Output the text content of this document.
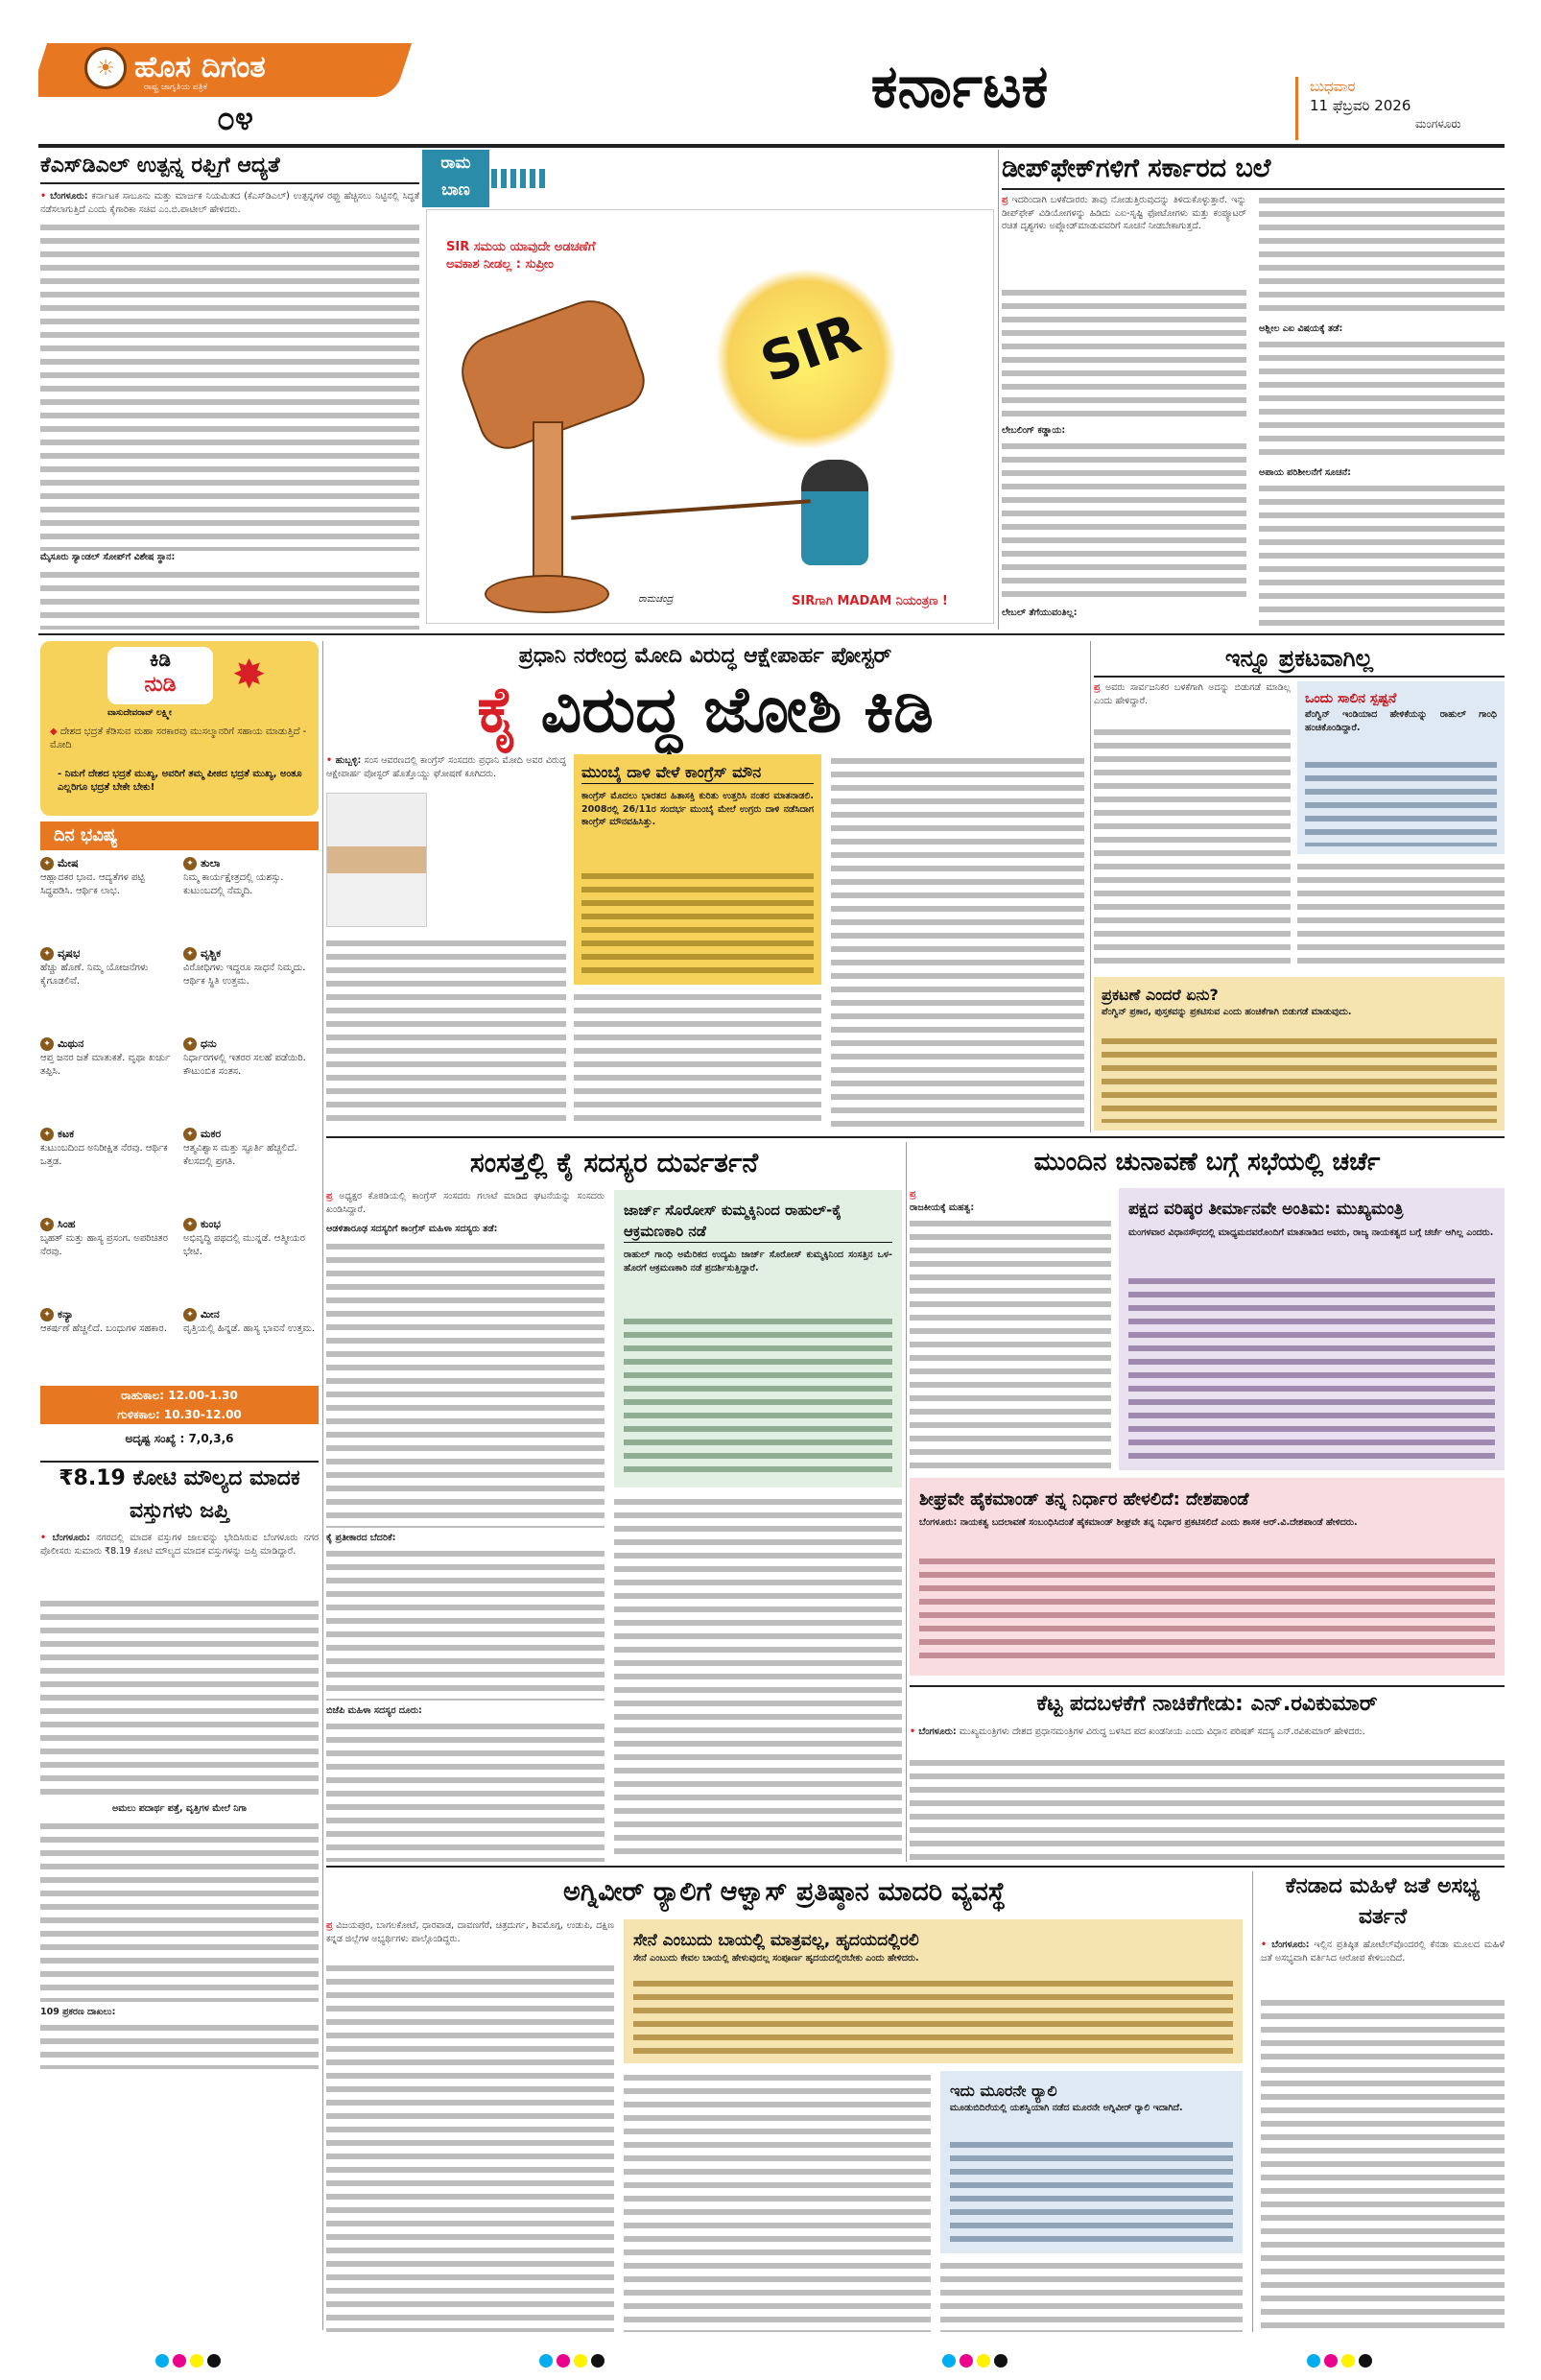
☀ ಹೊಸ ದಿಗಂತ
ರಾಷ್ಟ್ರ ಜಾಗೃತಿಯ ಪತ್ರಿಕೆ
೦೪	ಕರ್ನಾಟಕ	ಬುಧವಾರ
11 ಫೆಬ್ರವರಿ 2026
ಮಂಗಳೂರು
ಕೆಎಸ್‌ಡಿಎಲ್ ಉತ್ಪನ್ನ ರಫ್ತಿಗೆ ಆದ್ಯತೆ
• ಬೆಂಗಳೂರು: ಕರ್ನಾಟಕ ಸಾಬೂನು ಮತ್ತು ಮಾರ್ಜಕ ನಿಯಮಿತದ (ಕೆಎಸ್‌ಡಿಎಲ್) ಉತ್ಪನ್ನಗಳ ರಫ್ತು ಹೆಚ್ಚಿಸಲು ನಿಟ್ಟಿನಲ್ಲಿ ಸಿದ್ಧತೆ ನಡೆಸಲಾಗುತ್ತಿದೆ ಎಂದು ಕೈಗಾರಿಕಾ ಸಚಿವ ಎಂ.ಬಿ.ಪಾಟೀಲ್ ಹೇಳಿದರು.
ಮೈಸೂರು ಸ್ಯಾಂಡಲ್ ಸೋಪ್‌ಗೆ ವಿಶೇಷ ಸ್ಥಾನ:
ರಾಮ
ಬಾಣ
SIR ಸಮಯ ಯಾವುದೇ ಅಡಚಣೆಗೆ ಅವಕಾಶ ನೀಡಲ್ಲ : ಸುಪ್ರೀಂ
SIR
ರಾಮಚಂದ್ರ	SIRಗಾಗಿ MADAM ನಿಯಂತ್ರಣ !
ಡೀಪ್‌ಫೇಕ್‌ಗಳಿಗೆ ಸರ್ಕಾರದ ಬಲೆ
ಪ್ರ ಇದರಿಂದಾಗಿ ಬಳಕೆದಾರರು ತಾವು ನೋಡುತ್ತಿರುವುದನ್ನು ತಿಳಿದುಕೊಳ್ಳುತ್ತಾರೆ. ಇನ್ನು ಡೀಪ್‌ಫೇಕ್ ವಿಡಿಯೋಗಳನ್ನು ಹಿಡಿದು ಎಐ-ಸೃಷ್ಟಿ ಫೋಟೋಗಳು ಮತ್ತು ಕಂಪ್ಯೂಟರ್ ರಚಿತ ದೃಶ್ಯಗಳು ಅಪ್ಲೋಡ್‌ಮಾಡುವವರಿಗೆ ಸೂಚನೆ ನೀಡಬೇಕಾಗುತ್ತದೆ.
ಲೇಬಲಿಂಗ್ ಕಡ್ಡಾಯ:
ಲೇಬಲ್ ತೆಗೆಯುವಂತಿಲ್ಲ:
ಅಶ್ಲೀಲ ಎಐ ವಿಷಯಕ್ಕೆ ತಡೆ:
ಅಪಾಯ ಪರಿಶೀಲನೆಗೆ ಸೂಚನೆ:
ಕಿಡಿ
ನುಡಿ	✸
ವಾಸುದೇವರಾವ್ ಲಕ್ಷ್ಮೀ
◆ ದೇಶದ ಭದ್ರತೆ ಕೆಡಿಸುವ ಮಹಾ ಸರಕಾರವು ಮುಸಲ್ಮಾನರಿಗೆ ಸಹಾಯ ಮಾಡುತ್ತಿದೆ - ಮೋದಿ
- ನಿಮಗೆ ದೇಶದ ಭದ್ರತೆ ಮುಖ್ಯ, ಅವರಿಗೆ ತಮ್ಮ ಪೀಠದ ಭದ್ರತೆ ಮುಖ್ಯ, ಅಂತೂ ಎಲ್ಲರಿಗೂ ಭದ್ರತೆ ಬೇಕೇ ಬೇಕು!
ದಿನ ಭವಿಷ್ಯ
✦ ಮೇಷ
ಆಹ್ಲಾದಕರ ಭಾವ. ಆದ್ಯತೆಗಳ ಪಟ್ಟಿ ಸಿದ್ಧಪಡಿಸಿ. ಆರ್ಥಿಕ ಲಾಭ.
✦ ತುಲಾ
ನಿಮ್ಮ ಕಾರ್ಯಕ್ಷೇತ್ರದಲ್ಲಿ ಯಶಸ್ಸು. ಕುಟುಂಬದಲ್ಲಿ ನೆಮ್ಮದಿ.
✦ ವೃಷಭ
ಹೆಚ್ಚು ಹೊಣೆ. ನಿಮ್ಮ ಯೋಜನೆಗಳು ಕೈಗೂಡಲಿವೆ.
✦ ವೃಶ್ಚಿಕ
ವಿರೋಧಿಗಳು ಇದ್ದರೂ ಸಾಧನೆ ನಿಮ್ಮದು. ಆರ್ಥಿಕ ಸ್ಥಿತಿ ಉತ್ತಮ.
✦ ಮಿಥುನ
ಆಪ್ತ ಜನರ ಜತೆ ಮಾತುಕತೆ. ವೃಥಾ ಖರ್ಚು ತಪ್ಪಿಸಿ.
✦ ಧನು
ನಿರ್ಧಾರಗಳಲ್ಲಿ ಇತರರ ಸಲಹೆ ಪಡೆಯಿರಿ. ಕೌಟುಂಬಿಕ ಸಂತಸ.
✦ ಕಟಕ
ಕುಟುಂಬದಿಂದ ಅನಿರೀಕ್ಷಿತ ನೆರವು. ಆರ್ಥಿಕ ಒತ್ತಡ.
✦ ಮಕರ
ಆತ್ಮವಿಶ್ವಾಸ ಮತ್ತು ಸ್ಫೂರ್ತಿ ಹೆಚ್ಚಲಿದೆ. ಕೆಲಸದಲ್ಲಿ ಪ್ರಗತಿ.
✦ ಸಿಂಹ
ಬೃಹತ್ ಮತ್ತು ಹಾಸ್ಯ ಪ್ರಸಂಗ. ಅಪರಿಚಿತರ ನೆರವು.
✦ ಕುಂಭ
ಅಭಿವೃದ್ಧಿ ಪಥದಲ್ಲಿ ಮುನ್ನಡೆ. ಆತ್ಮೀಯರ ಭೇಟಿ.
✦ ಕನ್ಯಾ
ಆಕರ್ಷಣೆ ಹೆಚ್ಚಲಿದೆ. ಬಂಧುಗಳ ಸಹಕಾರ.
✦ ಮೀನ
ವೃತ್ತಿಯಲ್ಲಿ ಹಿನ್ನಡೆ. ಹಾಸ್ಯ ಭಾವನೆ ಉತ್ತಮ.
ರಾಹುಕಾಲ: 12.00-1.30
ಗುಳಿಕಕಾಲ: 10.30-12.00
ಅದೃಷ್ಟ ಸಂಖ್ಯೆ : 7,0,3,6
₹8.19 ಕೋಟಿ ಮೌಲ್ಯದ ಮಾದಕ ವಸ್ತುಗಳು ಜಪ್ತಿ
• ಬೆಂಗಳೂರು: ನಗರದಲ್ಲಿ ಮಾದಕ ವಸ್ತುಗಳ ಜಾಲವನ್ನು ಭೇದಿಸಿರುವ ಬೆಂಗಳೂರು ನಗರ ಪೊಲೀಸರು ಸುಮಾರು ₹8.19 ಕೋಟಿ ಮೌಲ್ಯದ ಮಾದಕ ವಸ್ತುಗಳನ್ನು ಜಪ್ತಿ ಮಾಡಿದ್ದಾರೆ.
ಅಮಲು ಪದಾರ್ಥ ಪತ್ತೆ, ವೃತ್ತಿಗಳ ಮೇಲೆ ನಿಗಾ
109 ಪ್ರಕರಣ ದಾಖಲು:
ಪ್ರಧಾನಿ ನರೇಂದ್ರ ಮೋದಿ ವಿರುದ್ಧ ಆಕ್ಷೇಪಾರ್ಹ ಪೋಸ್ಟರ್
ಕೈ ವಿರುದ್ಧ ಜೋಶಿ ಕಿಡಿ
• ಹುಬ್ಬಳ್ಳಿ: ಸಂಸ ಆವರಣದಲ್ಲಿ ಕಾಂಗ್ರೆಸ್ ಸಂಸದರು ಪ್ರಧಾನಿ ಮೋದಿ ಅವರ ವಿರುದ್ಧ ಆಕ್ಷೇಪಾರ್ಹ ಪೋಸ್ಟರ್ ಹೊತ್ತೊಯ್ದು ಘೋಷಣೆ ಕೂಗಿದರು.	ಮುಂಬೈ ದಾಳಿ ವೇಳೆ ಕಾಂಗ್ರೆಸ್ ಮೌನ
ಕಾಂಗ್ರೆಸ್ ಮೊದಲು ಭಾರತದ ಹಿತಾಸಕ್ತಿ ಕುರಿತು ಉತ್ತರಿಸಿ ನಂತರ ಮಾತನಾಡಲಿ. 2008ರಲ್ಲಿ 26/11ರ ಸಂದರ್ಭ ಮುಂಬೈ ಮೇಲೆ ಉಗ್ರರು ದಾಳಿ ನಡೆಸಿದಾಗ ಕಾಂಗ್ರೆಸ್ ಮೌನವಹಿಸಿತ್ತು.
ಇನ್ನೂ ಪ್ರಕಟವಾಗಿಲ್ಲ
ಪ್ರ ಅವರು ಸಾರ್ವಜನಿಕರ ಬಳಕೆಗಾಗಿ ಅದನ್ನು ಬಿಡುಗಡೆ ಮಾಡಿಲ್ಲ ಎಂದು ಹೇಳಿದ್ದಾರೆ.	ಒಂದು ಸಾಲಿನ ಸ್ಪಷ್ಟನೆ
ಪೆಂಗ್ವಿನ್ ಇಂಡಿಯಾದ ಹೇಳಿಕೆಯನ್ನು ರಾಹುಲ್ ಗಾಂಧಿ ಹಂಚಿಕೊಂಡಿದ್ದಾರೆ.
ಪ್ರಕಟಣೆ ಎಂದರೆ ಏನು?
ಪೆಂಗ್ವಿನ್ ಪ್ರಕಾರ, ಪುಸ್ತಕವನ್ನು ಪ್ರಕಟಿಸುವ ಎಂದು ಹಂಚಿಕೆಗಾಗಿ ಬಿಡುಗಡೆ ಮಾಡುವುದು.
ಸಂಸತ್ತಲ್ಲಿ ಕೈ ಸದಸ್ಯರ ದುರ್ವರ್ತನೆ
ಪ್ರ ಅಧ್ಯಕ್ಷರ ಕೊಠಡಿಯಲ್ಲಿ ಕಾಂಗ್ರೆಸ್ ಸಂಸದರು ಗಲಾಟೆ ಮಾಡಿದ ಘಟನೆಯನ್ನು ಸಂಸದರು ಖಂಡಿಸಿದ್ದಾರೆ.
ಆಡಳಿತಾರೂಢ ಸದಸ್ಯರಿಗೆ ಕಾಂಗ್ರೆಸ್ ಮಹಿಳಾ ಸದಸ್ಯರು ತಡೆ:
ಕೈ ಪ್ರತೀಕಾರದ ಬೆದರಿಕೆ:
ಬಿಜೆಪಿ ಮಹಿಳಾ ಸದಸ್ಯರ ದೂರು:
ಜಾರ್ಜ್ ಸೊರೋಸ್ ಕುಮ್ಮಕ್ಕಿನಿಂದ ರಾಹುಲ್-ಕೈ ಆಕ್ರಮಣಕಾರಿ ನಡೆ
ರಾಹುಲ್ ಗಾಂಧಿ ಅಮೆರಿಕದ ಉದ್ಯಮಿ ಜಾರ್ಜ್ ಸೊರೋಸ್ ಕುಮ್ಮಕ್ಕಿನಿಂದ ಸಂಸತ್ತಿನ ಒಳ-ಹೊರಗೆ ಆಕ್ರಮಣಕಾರಿ ನಡೆ ಪ್ರದರ್ಶಿಸುತ್ತಿದ್ದಾರೆ.
ಮುಂದಿನ ಚುನಾವಣೆ ಬಗ್ಗೆ ಸಭೆಯಲ್ಲಿ ಚರ್ಚೆ
ಪ್ರ
ರಾಜಕೀಯಕ್ಕೆ ಮಹತ್ವ:	ಪಕ್ಷದ ವರಿಷ್ಠರ ತೀರ್ಮಾನವೇ ಅಂತಿಮ: ಮುಖ್ಯಮಂತ್ರಿ
ಮಂಗಳವಾರ ವಿಧಾನಸೌಧದಲ್ಲಿ ಮಾಧ್ಯಮದವರೊಂದಿಗೆ ಮಾತನಾಡಿದ ಅವರು, ರಾಜ್ಯ ನಾಯಕತ್ವದ ಬಗ್ಗೆ ಚರ್ಚೆ ಆಗಿಲ್ಲ ಎಂದರು.
ಶೀಘ್ರವೇ ಹೈಕಮಾಂಡ್ ತನ್ನ ನಿರ್ಧಾರ ಹೇಳಲಿದೆ: ದೇಶಪಾಂಡೆ
ಬೆಂಗಳೂರು: ನಾಯಕತ್ವ ಬದಲಾವಣೆ ಸಂಬಂಧಿಸಿದಂತೆ ಹೈಕಮಾಂಡ್ ಶೀಘ್ರವೇ ತನ್ನ ನಿರ್ಧಾರ ಪ್ರಕಟಿಸಲಿದೆ ಎಂದು ಶಾಸಕ ಆರ್.ವಿ.ದೇಶಪಾಂಡೆ ಹೇಳಿದರು.
ಕೆಟ್ಟ ಪದಬಳಕೆಗೆ ನಾಚಿಕೆಗೇಡು: ಎನ್.ರವಿಕುಮಾರ್
• ಬೆಂಗಳೂರು: ಮುಖ್ಯಮಂತ್ರಿಗಳು ದೇಶದ ಪ್ರಧಾನಮಂತ್ರಿಗಳ ವಿರುದ್ಧ ಬಳಸಿದ ಪದ ಖಂಡನೀಯ ಎಂದು ವಿಧಾನ ಪರಿಷತ್ ಸದಸ್ಯ ಎನ್.ರವಿಕುಮಾರ್ ಹೇಳಿದರು.
ಅಗ್ನಿವೀರ್ ರ‍್ಯಾಲಿಗೆ ಆಳ್ವಾಸ್ ಪ್ರತಿಷ್ಠಾನ ಮಾದರಿ ವ್ಯವಸ್ಥೆ
ಪ್ರ ವಿಜಯಪುರ, ಬಾಗಲಕೋಟೆ, ಧಾರವಾಡ, ದಾವಣಗೆರೆ, ಚಿತ್ರದುರ್ಗ, ಶಿವಮೊಗ್ಗ, ಉಡುಪಿ, ದಕ್ಷಿಣ ಕನ್ನಡ ಜಿಲ್ಲೆಗಳ ಅಭ್ಯರ್ಥಿಗಳು ಪಾಲ್ಗೊಂಡಿದ್ದರು.	ಸೇನೆ ಎಂಬುದು ಬಾಯಲ್ಲಿ ಮಾತ್ರವಲ್ಲ, ಹೃದಯದಲ್ಲಿರಲಿ
ಸೇನೆ ಎಂಬುದು ಕೇವಲ ಬಾಯಲ್ಲಿ ಹೇಳುವುದಲ್ಲ ಸಂಪೂರ್ಣ ಹೃದಯದಲ್ಲಿರಬೇಕು ಎಂದು ಹೇಳಿದರು.
ಇದು ಮೂರನೇ ರ‍್ಯಾಲಿ
ಮೂಡುಬಿದಿರೆಯಲ್ಲಿ ಯಶಸ್ವಿಯಾಗಿ ನಡೆದ ಮೂರನೇ ಅಗ್ನಿವೀರ್ ರ‍್ಯಾಲಿ ಇದಾಗಿದೆ.
ಕೆನಡಾದ ಮಹಿಳೆ ಜತೆ ಅಸಭ್ಯ ವರ್ತನೆ
• ಬೆಂಗಳೂರು: ಇಲ್ಲಿನ ಪ್ರತಿಷ್ಠಿತ ಹೋಟೆಲ್‌ವೊಂದರಲ್ಲಿ ಕೆನಡಾ ಮೂಲದ ಮಹಿಳೆ ಜತೆ ಅಸಭ್ಯವಾಗಿ ವರ್ತಿಸಿದ ಆರೋಪ ಕೇಳಿಬಂದಿದೆ.
